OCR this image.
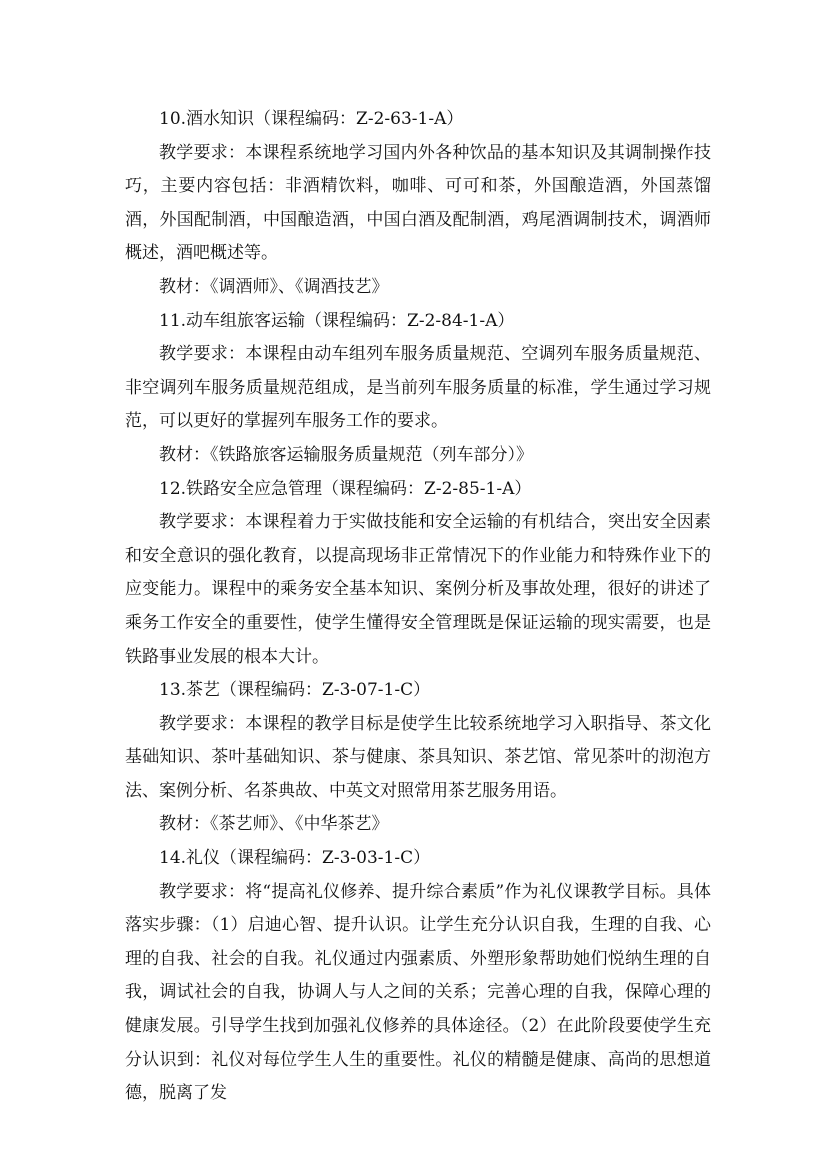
10.酒水知识（课程编码：Z-2-63-1-A）

教学要求：本课程系统地学习国内外各种饮品的基本知识及其调制操作技巧，主要内容包括：非酒精饮料，咖啡、可可和茶，外国酿造酒，外国蒸馏酒，外国配制酒，中国酿造酒，中国白酒及配制酒，鸡尾酒调制技术，调酒师概述，酒吧概述等。

教材：《调酒师》、《调酒技艺》

11.动车组旅客运输（课程编码：Z-2-84-1-A）

教学要求：本课程由动车组列车服务质量规范、空调列车服务质量规范、非空调列车服务质量规范组成，是当前列车服务质量的标准，学生通过学习规范，可以更好的掌握列车服务工作的要求。

教材：《铁路旅客运输服务质量规范（列车部分）》

12.铁路安全应急管理（课程编码：Z-2-85-1-A）

教学要求：本课程着力于实做技能和安全运输的有机结合，突出安全因素和安全意识的强化教育，以提高现场非正常情况下的作业能力和特殊作业下的应变能力。课程中的乘务安全基本知识、案例分析及事故处理，很好的讲述了乘务工作安全的重要性，使学生懂得安全管理既是保证运输的现实需要，也是铁路事业发展的根本大计。

13.茶艺（课程编码：Z-3-07-1-C）

教学要求：本课程的教学目标是使学生比较系统地学习入职指导、茶文化基础知识、茶叶基础知识、茶与健康、茶具知识、茶艺馆、常见茶叶的沏泡方法、案例分析、名茶典故、中英文对照常用茶艺服务用语。

教材：《茶艺师》、《中华茶艺》

14.礼仪（课程编码：Z-3-03-1-C）

教学要求：将“提高礼仪修养、提升综合素质”作为礼仪课教学目标。具体落实步骤：（1）启迪心智、提升认识。让学生充分认识自我，生理的自我、心理的自我、社会的自我。礼仪通过内强素质、外塑形象帮助她们悦纳生理的自我，调试社会的自我，协调人与人之间的关系；完善心理的自我，保障心理的健康发展。引导学生找到加强礼仪修养的具体途径。（2）在此阶段要使学生充分认识到：礼仪对每位学生人生的重要性。礼仪的精髓是健康、高尚的思想道德，脱离了发
